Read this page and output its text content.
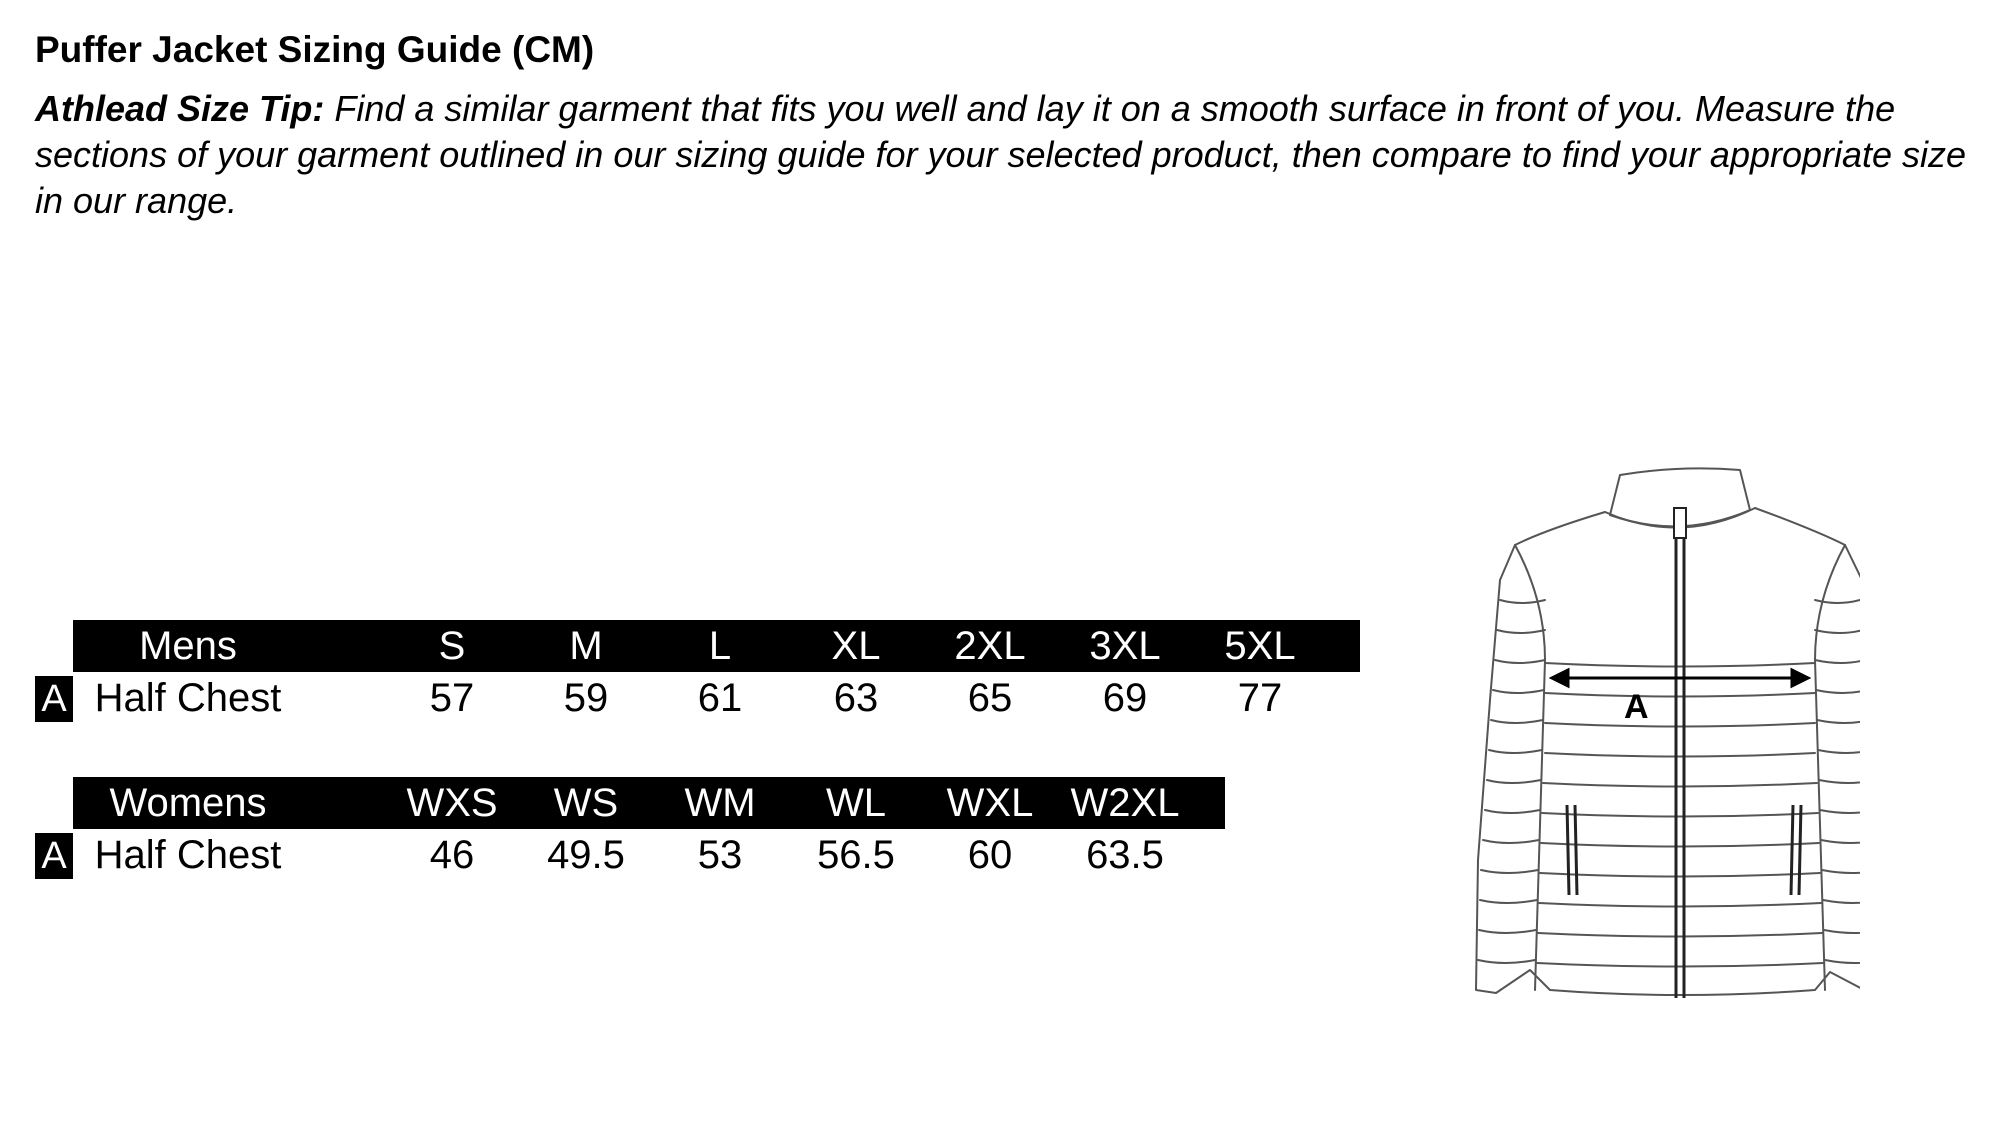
Puffer Jacket Sizing Guide (CM)
Athlead Size Tip: Find a similar garment that fits you well and lay it on a smooth surface in front of you. Measure the sections of your garment outlined in our sizing guide for your selected product, then compare to find your appropriate size in our range.
Mens	S	M	L	XL	2XL	3XL	5XL
A Half Chest	57	59	61	63	65	69	77
Womens	WXS	WS	WM	WL	WXL W2XL
A Half Chest	46	49.5	53	56.5	60	63.5
A
